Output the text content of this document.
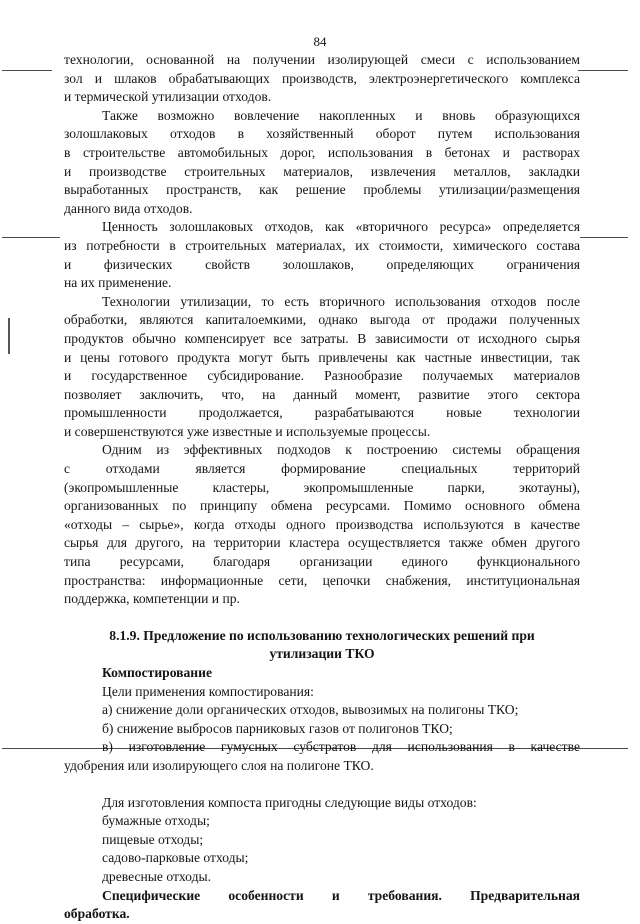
84

технологии, основанной на получении изолирующей смеси с использованием
зол и шлаков обрабатывающих производств, электроэнергетического комплекса
и термической утилизации отходов.

Также возможно вовлечение накопленных и вновь образующихся
золошлаковых отходов в хозяйственный оборот путем использования
в строительстве автомобильных дорог, использования в бетонах и растворах
и производстве строительных материалов, извлечения металлов, закладки
выработанных пространств, как решение проблемы утилизации/размещения
данного вида отходов.

Ценность золошлаковых отходов, как «вторичного ресурса» определяется
из потребности в строительных материалах, их стоимости, химического состава
и физических свойств золошлаков, определяющих ограничения
на их применение.

Технологии утилизации, то есть вторичного использования отходов после
обработки, являются капиталоемкими, однако выгода от продажи полученных
продуктов обычно компенсирует все затраты. В зависимости от исходного сырья
и цены готового продукта могут быть привлечены как частные инвестиции, так
и государственное субсидирование. Разнообразие получаемых материалов
позволяет заключить, что, на данный момент, развитие этого сектора
промышленности продолжается, разрабатываются новые технологии
и совершенствуются уже известные и используемые процессы.

Одним из эффективных подходов к построению системы обращения
с отходами является формирование специальных территорий
(экопромышленные кластеры, экопромышленные парки, экотауны),
организованных по принципу обмена ресурсами. Помимо основного обмена
«отходы – сырье», когда отходы одного производства используются в качестве
сырья для другого, на территории кластера осуществляется также обмен другого
типа ресурсами, благодаря организации единого функционального
пространства: информационные сети, цепочки снабжения, институциональная
поддержка, компетенции и пр.

8.1.9. Предложение по использованию технологических решений при
утилизации ТКО
Компостирование
Цели применения компостирования:
а) снижение доли органических отходов, вывозимых на полигоны ТКО;
б) снижение выбросов парниковых газов от полигонов ТКО;

в) изготовление гумусных субстратов для использования в качестве
удобрения или изолирующего слоя на полигоне ТКО.

Для изготовления компоста пригодны следующие виды отходов:
бумажные отходы;
пищевые отходы;
садово-парковые отходы;
древесные отходы.

Специфические особенности и требования. Предварительная
обработка.
